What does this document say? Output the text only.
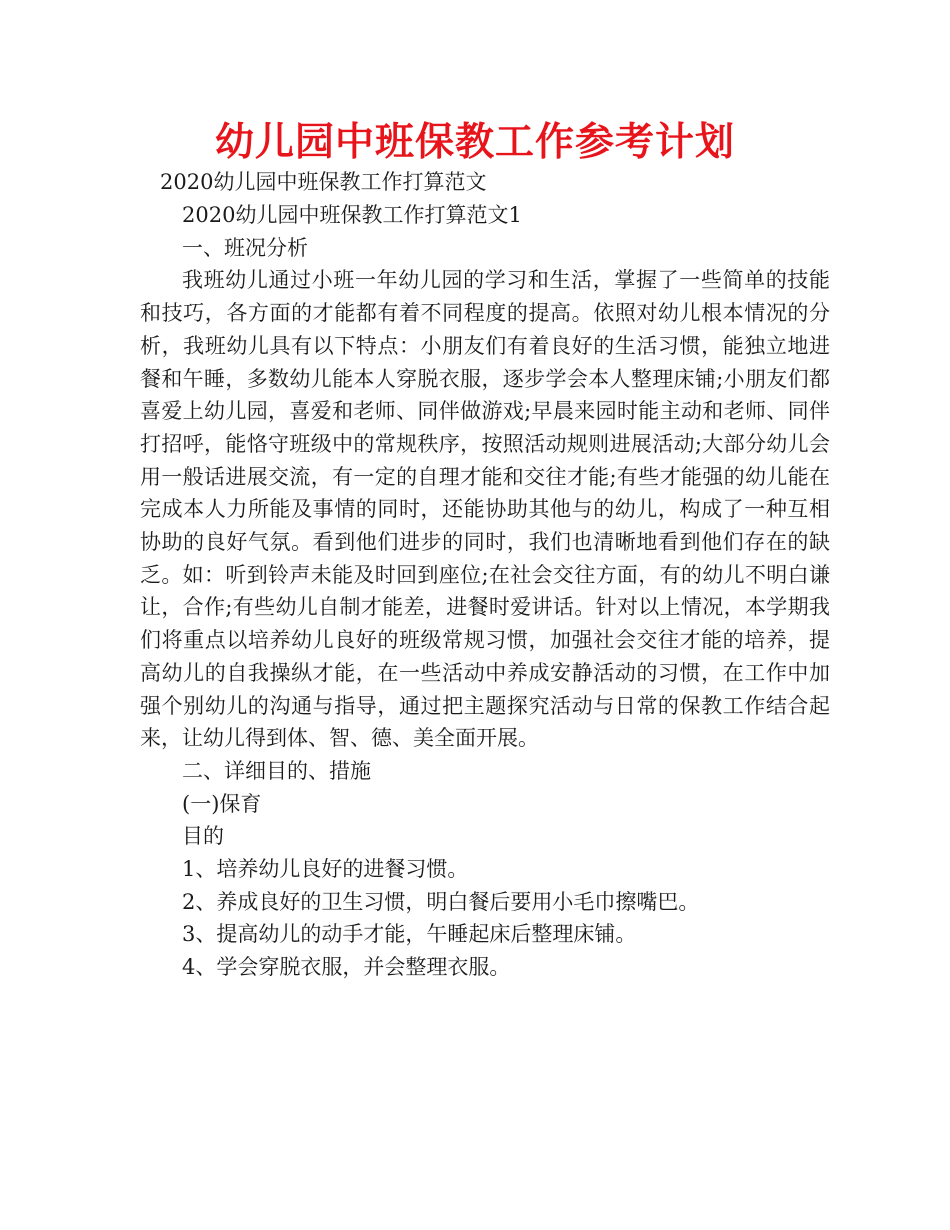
幼儿园中班保教工作参考计划
2020幼儿园中班保教工作打算范文

2020幼儿园中班保教工作打算范文1

一、班况分析

我班幼儿通过小班一年幼儿园的学习和生活，掌握了一些简单的技能和技巧，各方面的才能都有着不同程度的提高。依照对幼儿根本情况的分析，我班幼儿具有以下特点：小朋友们有着良好的生活习惯，能独立地进餐和午睡，多数幼儿能本人穿脱衣服，逐步学会本人整理床铺;小朋友们都喜爱上幼儿园，喜爱和老师、同伴做游戏;早晨来园时能主动和老师、同伴打招呼，能恪守班级中的常规秩序，按照活动规则进展活动;大部分幼儿会用一般话进展交流，有一定的自理才能和交往才能;有些才能强的幼儿能在完成本人力所能及事情的同时，还能协助其他与的幼儿，构成了一种互相协助的良好气氛。看到他们进步的同时，我们也清晰地看到他们存在的缺乏。如：听到铃声未能及时回到座位;在社会交往方面，有的幼儿不明白谦让，合作;有些幼儿自制才能差，进餐时爱讲话。针对以上情况，本学期我们将重点以培养幼儿良好的班级常规习惯，加强社会交往才能的培养，提高幼儿的自我操纵才能，在一些活动中养成安静活动的习惯，在工作中加强个别幼儿的沟通与指导，通过把主题探究活动与日常的保教工作结合起来，让幼儿得到体、智、德、美全面开展。

二、详细目的、措施

(一)保育

目的

1、培养幼儿良好的进餐习惯。

2、养成良好的卫生习惯，明白餐后要用小毛巾擦嘴巴。

3、提高幼儿的动手才能，午睡起床后整理床铺。

4、学会穿脱衣服，并会整理衣服。
